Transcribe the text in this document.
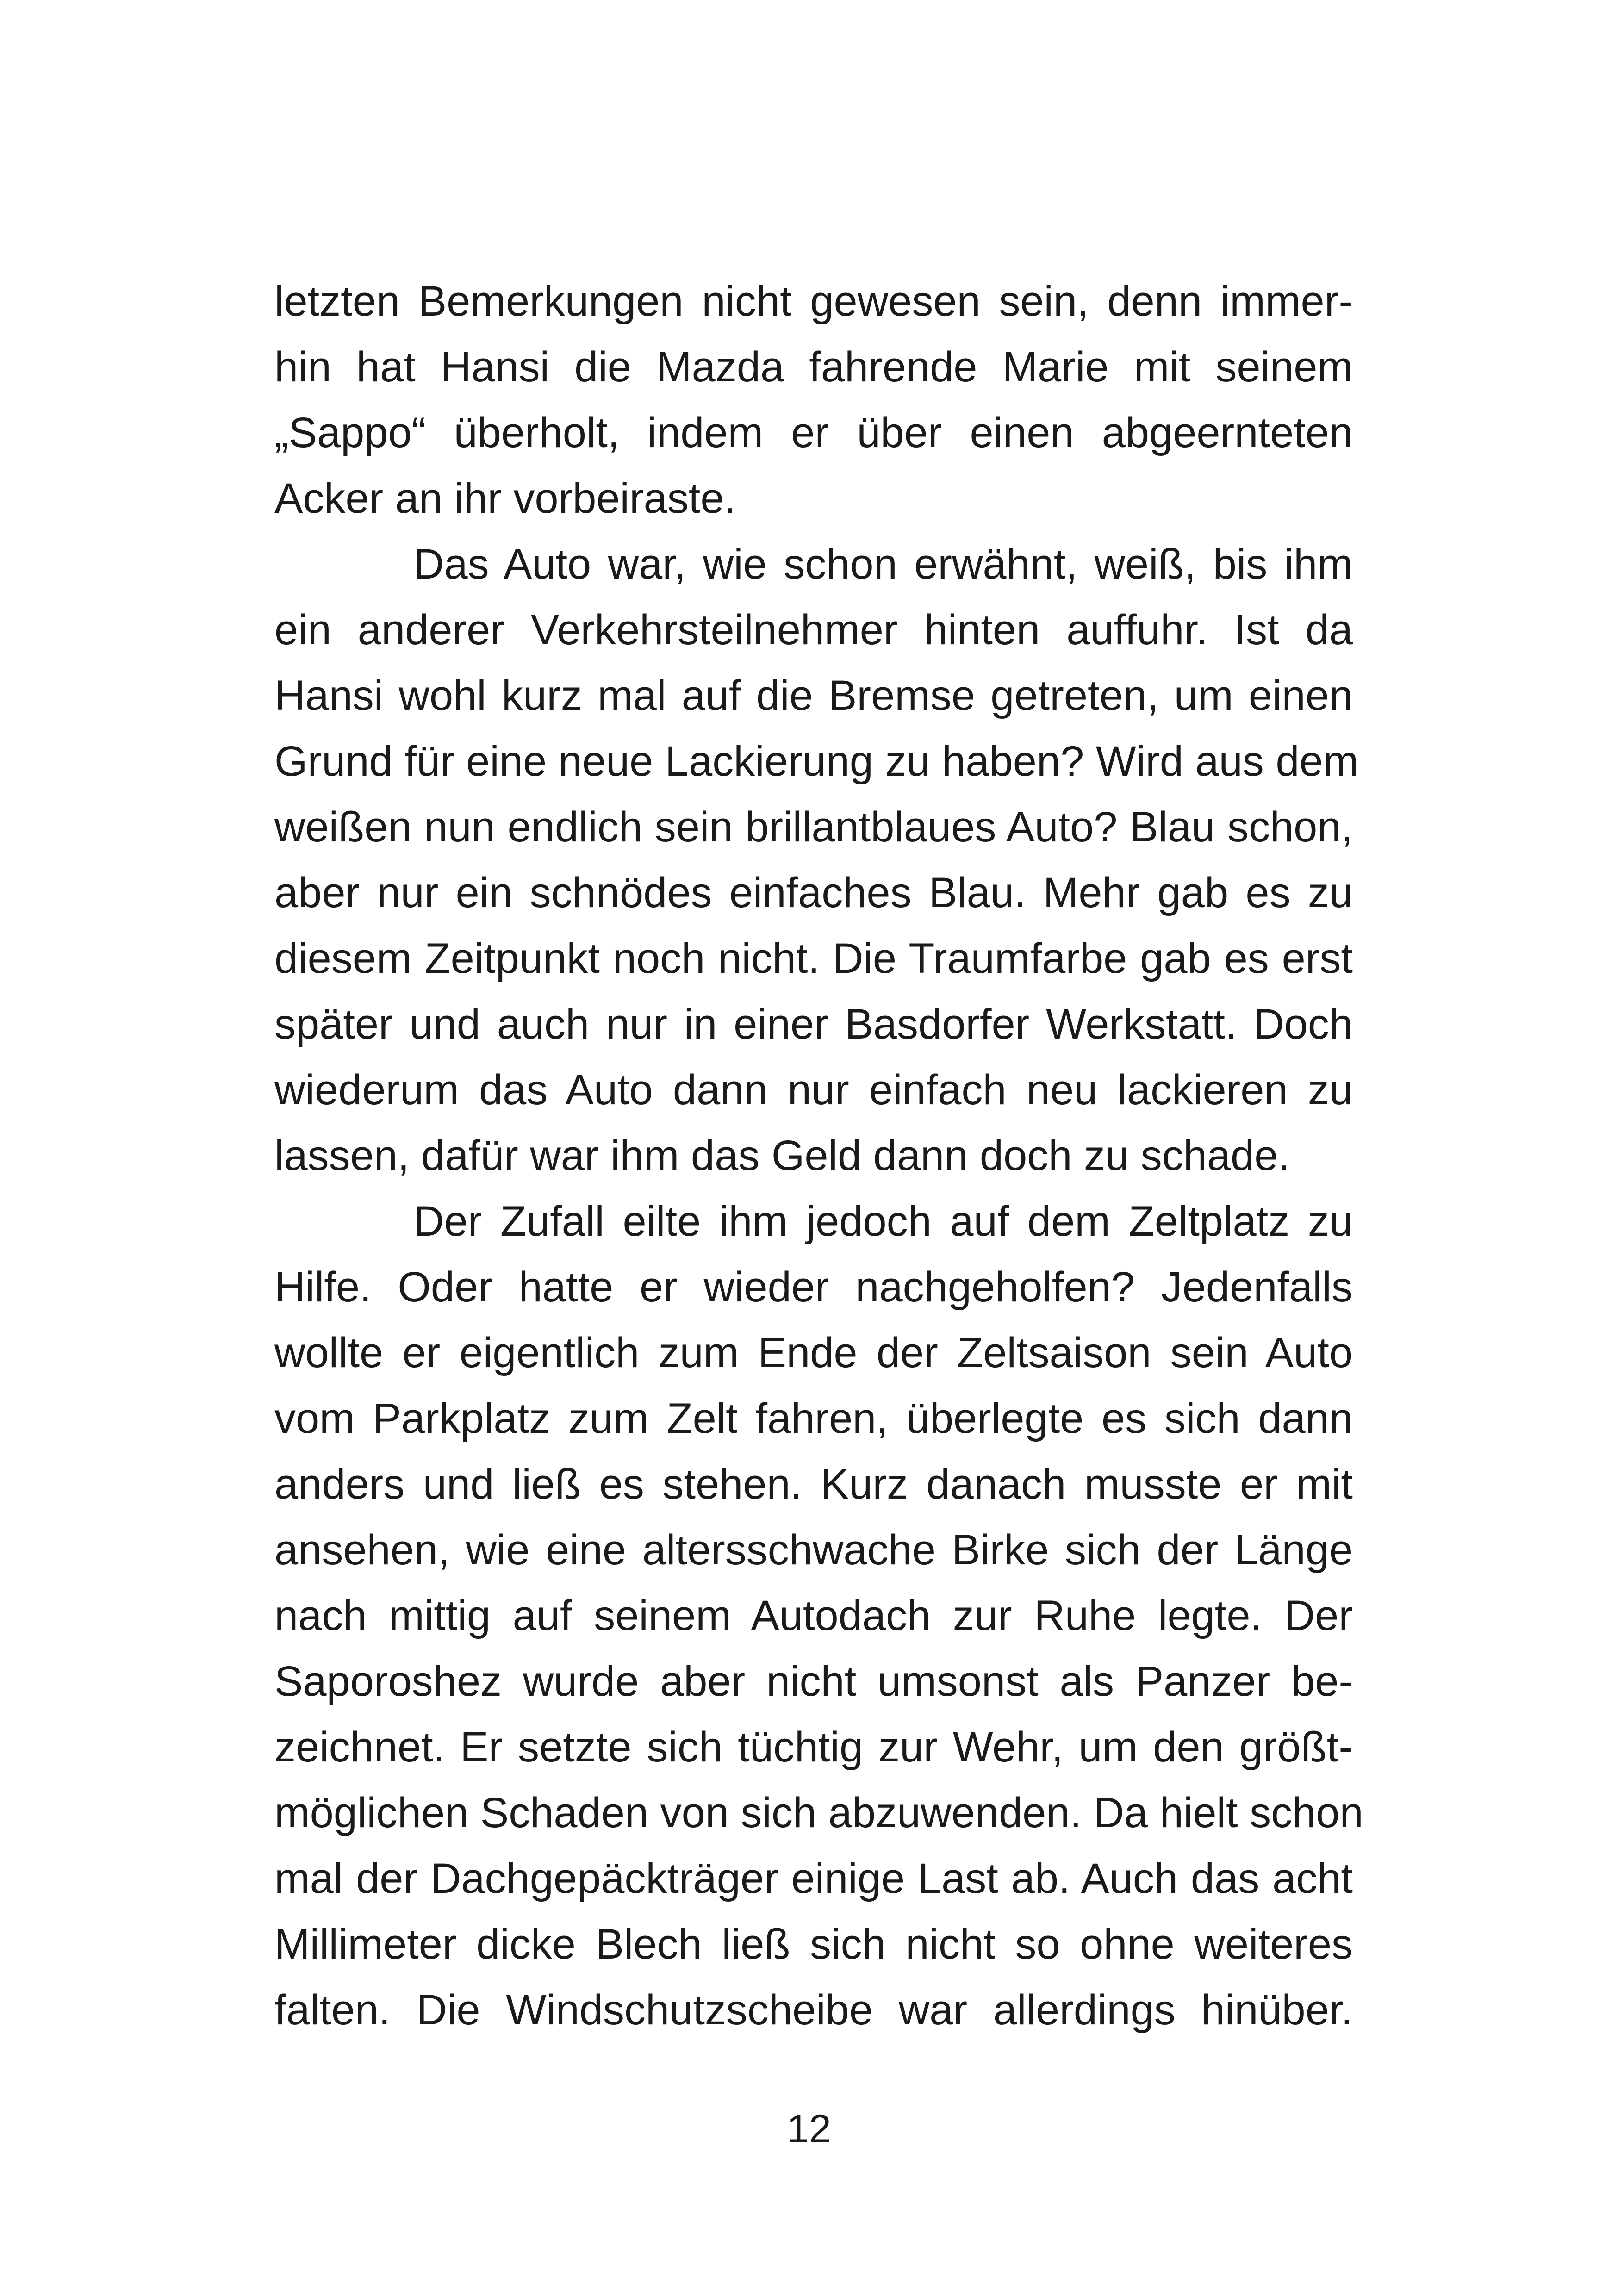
letzten Bemerkungen nicht gewesen sein, denn immer-
hin hat Hansi die Mazda fahrende Marie mit seinem
„Sappo“ überholt, indem er über einen abgeernteten
Acker an ihr vorbeiraste.
Das Auto war, wie schon erwähnt, weiß, bis ihm
ein anderer Verkehrsteilnehmer hinten auffuhr. Ist da
Hansi wohl kurz mal auf die Bremse getreten, um einen
Grund für eine neue Lackierung zu haben? Wird aus dem
weißen nun endlich sein brillantblaues Auto? Blau schon,
aber nur ein schnödes einfaches Blau. Mehr gab es zu
diesem Zeitpunkt noch nicht. Die Traumfarbe gab es erst
später und auch nur in einer Basdorfer Werkstatt. Doch
wiederum das Auto dann nur einfach neu lackieren zu
lassen, dafür war ihm das Geld dann doch zu schade.
Der Zufall eilte ihm jedoch auf dem Zeltplatz zu
Hilfe. Oder hatte er wieder nachgeholfen? Jedenfalls
wollte er eigentlich zum Ende der Zeltsaison sein Auto
vom Parkplatz zum Zelt fahren, überlegte es sich dann
anders und ließ es stehen. Kurz danach musste er mit
ansehen, wie eine altersschwache Birke sich der Länge
nach mittig auf seinem Autodach zur Ruhe legte. Der
Saporoshez wurde aber nicht umsonst als Panzer be-
zeichnet. Er setzte sich tüchtig zur Wehr, um den größt-
möglichen Schaden von sich abzuwenden. Da hielt schon
mal der Dachgepäckträger einige Last ab. Auch das acht
Millimeter dicke Blech ließ sich nicht so ohne weiteres
falten. Die Windschutzscheibe war allerdings hinüber.
12
